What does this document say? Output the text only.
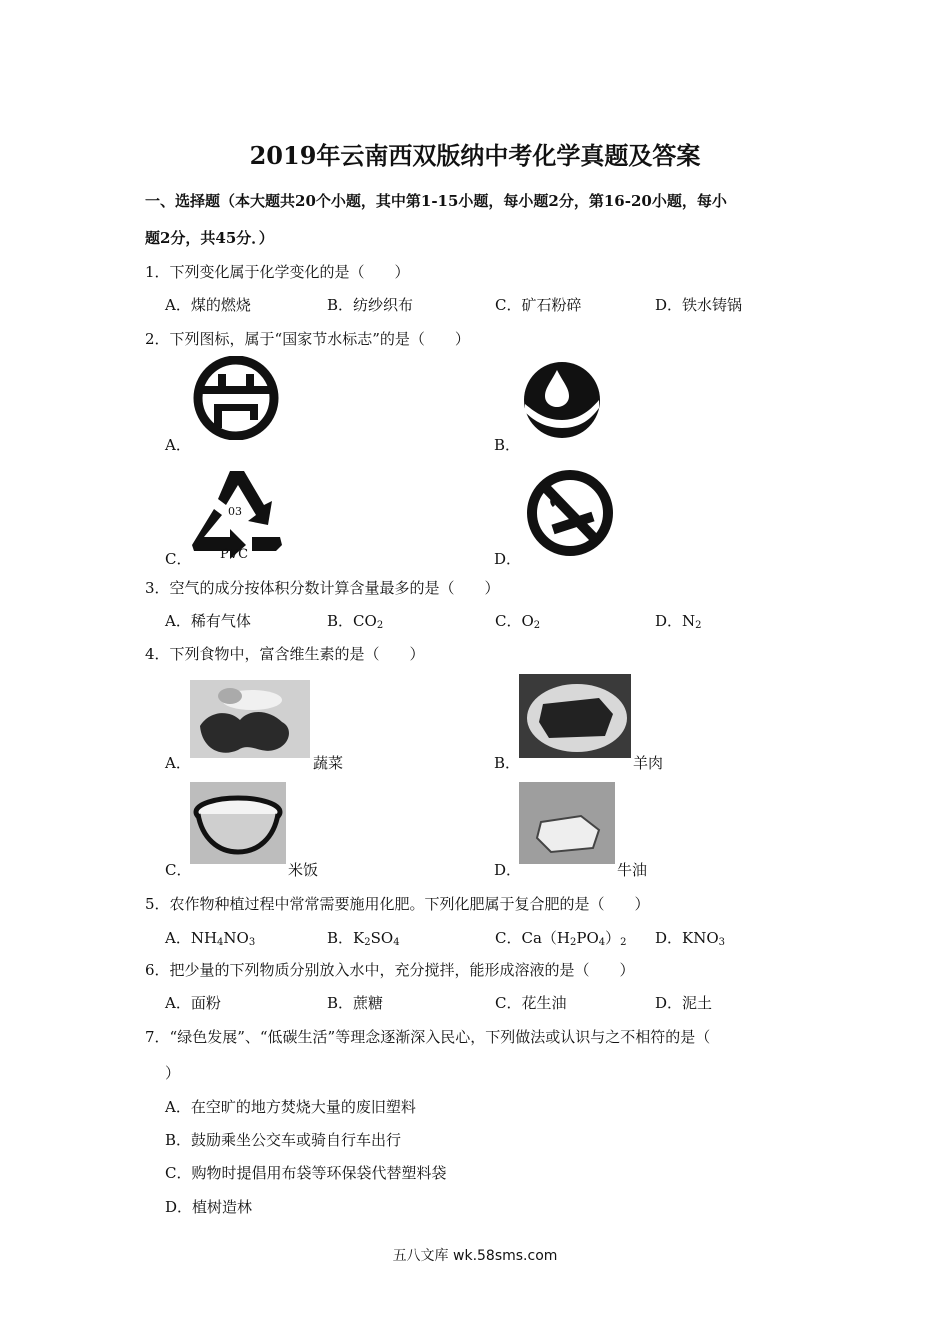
2019年云南西双版纳中考化学真题及答案
一、选择题（本大题共20个小题，其中第1-15小题，每小题2分，第16-20小题，每小
题2分，共45分．）
1．下列变化属于化学变化的是（　　）
A．煤的燃烧	B．纺纱织布	C．矿石粉碎	D．铁水铸锅
2．下列图标，属于“国家节水标志”的是（　　）
A．	B．
03
PVC
C．	D．
3．空气的成分按体积分数计算含量最多的是（　　）
A．稀有气体	B．$CO_2$	C．$O_2$	D．$N_2$
4．下列食物中，富含维生素的是（　　）
A．	蔬菜	B．	羊肉
C．	米饭	D．	牛油
5．农作物种植过程中常常需要施用化肥。下列化肥属于复合肥的是（　　）
A．$NH_4NO_3$	B．$K_2SO_4$	C．$Ca(H_2PO_4)_2$ D．$KNO_3$
6．把少量的下列物质分别放入水中，充分搅拌，能形成溶液的是（　　）
A．面粉	B．蔗糖	C．花生油	D．泥土
7．“绿色发展”、“低碳生活”等理念逐渐深入民心，下列做法或认识与之不相符的是（
）
A．在空旷的地方焚烧大量的废旧塑料
B．鼓励乘坐公交车或骑自行车出行
C．购物时提倡用布袋等环保袋代替塑料袋
D．植树造林
五八文库 wk.58sms.com
